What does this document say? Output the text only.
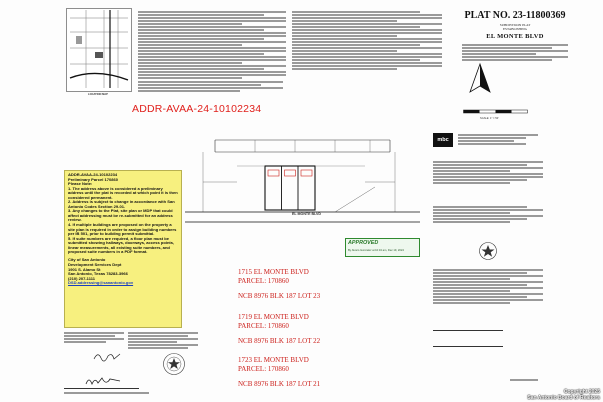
LOCATION MAP
PLAT NO. 23-11800369
SUBDIVISION PLAT
ESTABLISHING
EL MONTE BLVD
SCALE: 1" = 50'
mbc
ADDR-AVAA-24-10102234
EL MONTE BLVD

ADDR-AVAA-24-10102234

Preliminary Parcel 170860

Please Note:

1. The address above is considered a preliminary address until the plat is recorded at which point it is then considered permanent.

2. Address is subject to change in accordance with San Antonio Codes Section 29-01.

3. Any changes to the Plat, site plan or MDP that could affect addressing must be re-submitted for an address review.

4. If multiple buildings are proposed on the property a site plan is required in order to assign building numbers per IB 501, prior to building permit submittal.

5. If suite numbers are required, a floor plan must be submitted showing hallways, doorways, access points, linear measurements, all existing suite numbers, and proposed suite numbers in a PDF format.

City of San Antonio

Development Services Dept

1901 S. Alamo St

San Antonio, Texas 78283-3966

(210) 207-1111

DSD.addressing@sanantonio.gov

1715 EL MONTE BLVD
PARCEL: 170860
NCB 8976 BLK 187 LOT 23
1719 EL MONTE BLVD
PARCEL: 170860
NCB 8976 BLK 187 LOT 22
1723 EL MONTE BLVD
PARCEL: 170860
NCB 8976 BLK 187 LOT 21
APPROVED
By Alvaro Gonzalez at 10:34 am, Dec 19, 2024
Copyright 2025
San Antonio Board of Realtors
